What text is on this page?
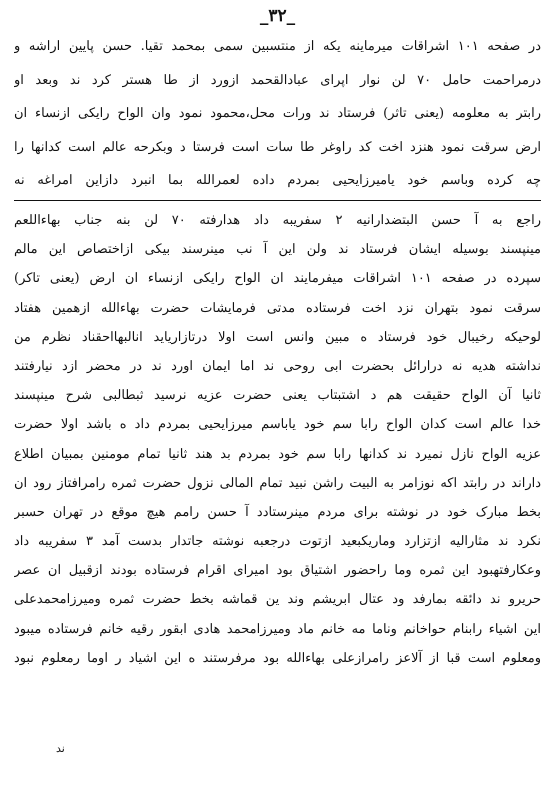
_٣٢_
در صفحه ۱۰۱ اشراقات میرماینه یکه از منتسبین سمی بمحمد تقیا. حسن پایین اراشه و
درمراحمت حامل ۷۰ لن نوار اپرای عبادالقحمد ازورد از طا هستر کرد ند وبعد او
رابتر به معلومه (یعنی تاثر) فرستاد ند ورات محل،محمود نمود وان الواح رایکی ازنساء ان
ارض سرقت نمود هنزد اخت کد راوغر طا سات است فرستا د وبکرحه عالم است کدانها را
چه کرده وباسم خود یامیرزایحیی بمردم داده لعمرالله بما انبرد دازاین امراغه نه
راجع به آ حسن البتضدارانیه ۲ سفریبه داد هدارفته ۷۰ لن بنه جناب بهاءاللعم
مینپسند بوسیله ایشان فرستاد ند ولن این آ نب مینرسند بیکی ازاختصاص این مالم
سپرده در صفحه ۱۰۱ اشراقات میفرمایند ان الواح رایکی ازنساء ان ارض (یعنی تاکر)
سرقت نمود بتهران نزد اخت فرستاده مدتی فرمایشات حضرت بهاءالله ازهمین هفتاد
لوحیکه رخیبال خود فرستاد ه مبین وانس است اولا درتازاریاید انالبهااحقناد نظرم من
نداشته هدیه نه درارائل بحضرت ابی روحی ند اما ایمان اورد ند در محضر ازد نیارفتند
ثانیا آن الواح حقیقت هم د اشتبتاب یعنی حضرت عزیه نرسید ثبطالبی شرح مینپسند
خدا عالم است کدان الواح رابا سم خود یاباسم میرزایحیی بمردم داد ه باشد اولا حضرت
عزیه الواح نازل نمیرد ند کدانها رابا سم خود بمردم بد هند ثانیا تمام مومنین بمبیان اطلاع
داراند در رابتد اکه نوزامر به البیت راشن نبید تمام المالی نزول حضرت ثمره رامرافتاز رود ان
بخط مبارک خود در نوشته برای مردم مینرستادد آ حسن رامم هیچ موقع در تهران حسبر
نکرد ند مثارالیه ازتزارد وماریکبعید ازتوت درجعبه نوشته جاتدار بدست آمد ۳ سفریبه داد
وعکارفتهبود این ثمره وما راحضور اشتیاق بود امیرای اقرام فرستاده بودند ازقبیل ان عصر
حریرو ند دائقه بمارفد ود عتال ابریشم وند ین قماشه بخط حضرت ثمره ومیرزامحمدعلی
این اشیاء رابنام حواخانم وناما مه خانم ماد ومیرزامحمد هادی ابقور رقیه خانم فرستاده میبود
ومعلوم است قبا از آلاعز رامرازعلی بهاءالله بود مرفرستند ه این اشیاد ر اوما رمعلوم نبود
ند
